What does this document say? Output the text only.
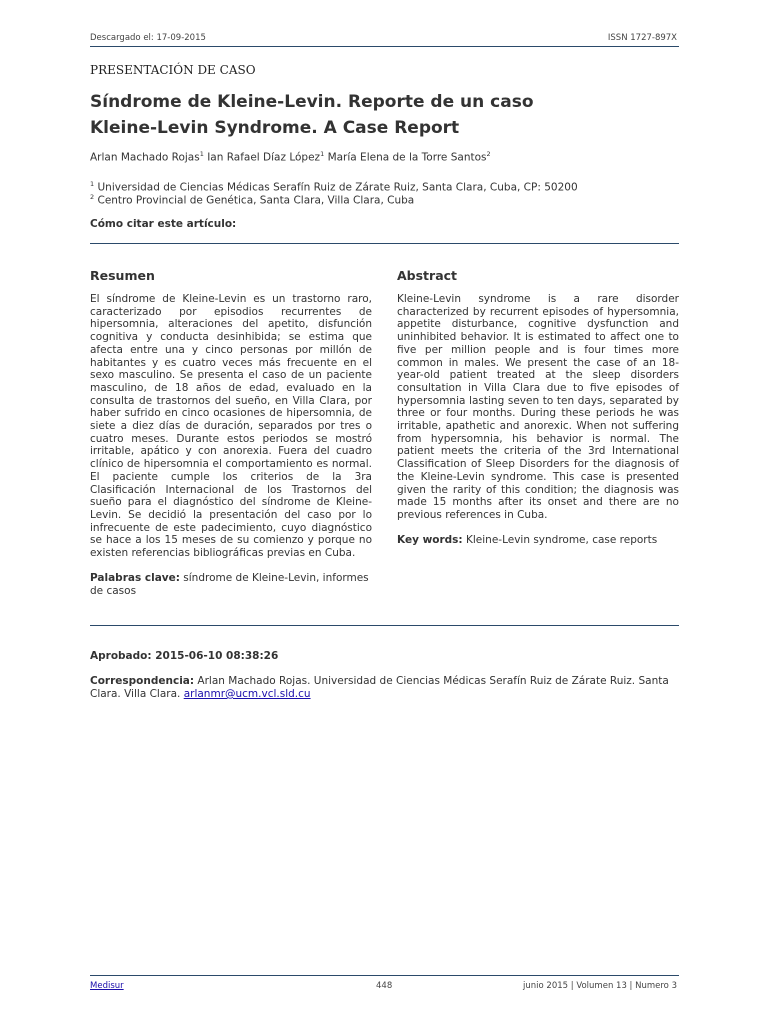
Descargado el: 17-09-2015	ISSN 1727-897X
PRESENTACIÓN DE CASO
Síndrome de Kleine-Levin. Reporte de un caso
Kleine-Levin Syndrome. A Case Report
Arlan Machado Rojas$^1$ Ian Rafael Díaz López$^1$ María Elena de la Torre Santos$^2$
$^1$ Universidad de Ciencias Médicas Serafín Ruiz de Zárate Ruiz, Santa Clara, Cuba, CP: 50200
$^2$ Centro Provincial de Genética, Santa Clara, Villa Clara, Cuba
Cómo citar este artículo:
Resumen

El síndrome de Kleine-Levin es un trastorno raro, caracterizado por episodios recurrentes de hipersomnia, alteraciones del apetito, disfunción cognitiva y conducta desinhibida; se estima que afecta entre una y cinco personas por millón de habitantes y es cuatro veces más frecuente en el sexo masculino. Se presenta el caso de un paciente masculino, de 18 años de edad, evaluado en la consulta de trastornos del sueño, en Villa Clara, por haber sufrido en cinco ocasiones de hipersomnia, de siete a diez días de duración, separados por tres o cuatro meses. Durante estos periodos se mostró irritable, apático y con anorexia. Fuera del cuadro clínico de hipersomnia el comportamiento es normal. El paciente cumple los criterios de la 3ra Clasificación Internacional de los Trastornos del sueño para el diagnóstico del síndrome de Kleine-Levin. Se decidió la presentación del caso por lo infrecuente de este padecimiento, cuyo diagnóstico se hace a los 15 meses de su comienzo y porque no existen referencias bibliográficas previas en Cuba.

Palabras clave: síndrome de Kleine-Levin, informes de casos
Abstract

Kleine-Levin syndrome is a rare disorder characterized by recurrent episodes of hypersomnia, appetite disturbance, cognitive dysfunction and uninhibited behavior. It is estimated to affect one to five per million people and is four times more common in males. We present the case of an 18-year-old patient treated at the sleep disorders consultation in Villa Clara due to five episodes of hypersomnia lasting seven to ten days, separated by three or four months. During these periods he was irritable, apathetic and anorexic. When not suffering from hypersomnia, his behavior is normal. The patient meets the criteria of the 3rd International Classification of Sleep Disorders for the diagnosis of the Kleine-Levin syndrome. This case is presented given the rarity of this condition; the diagnosis was made 15 months after its onset and there are no previous references in Cuba.

Key words: Kleine-Levin syndrome, case reports
Aprobado: 2015-06-10 08:38:26
Correspondencia: Arlan Machado Rojas. Universidad de Ciencias Médicas Serafín Ruiz de Zárate Ruiz. Santa Clara. Villa Clara. arlanmr@ucm.vcl.sld.cu
Medisur	448	junio 2015 | Volumen 13 | Numero 3
